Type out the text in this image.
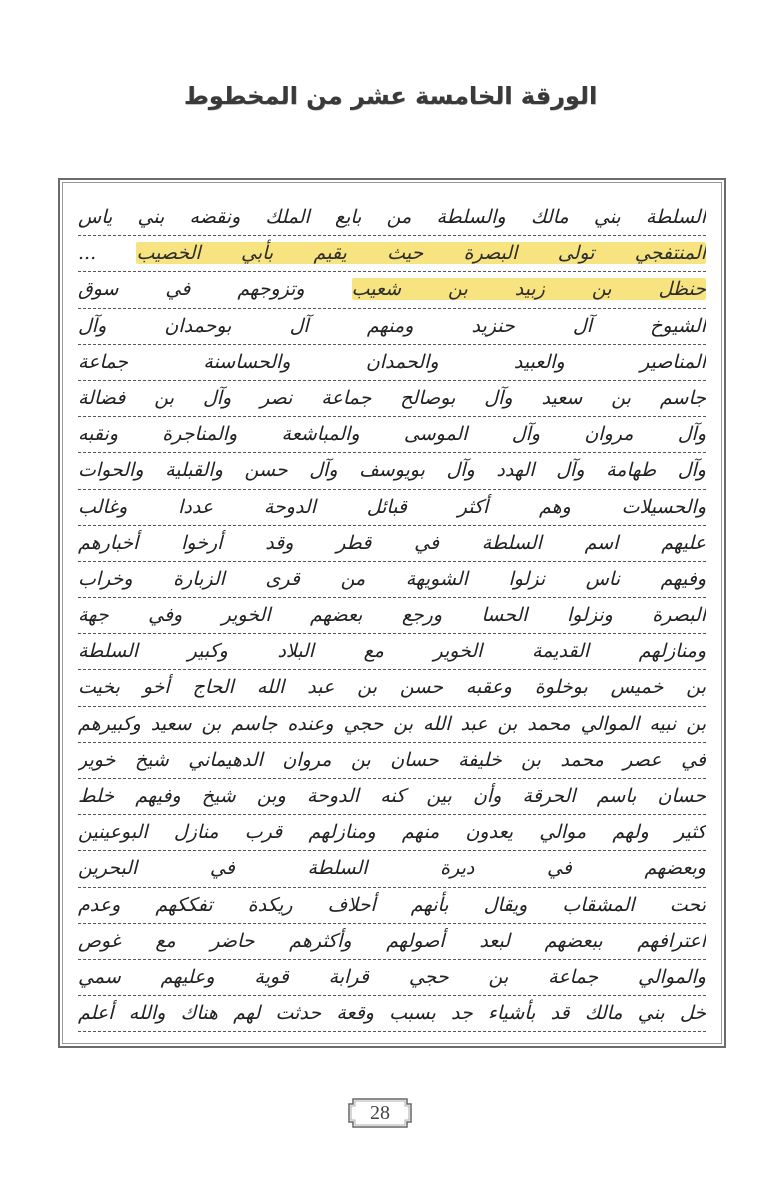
الورقة الخامسة عشر من المخطوط
السلطة بني مالك والسلطة من بايع الملك ونقضه بني ياس
المنتفجي تولى البصرة حيث يقيم بأبي الخصيب ...
حنظل بن زبيد بن شعيب وتزوجهم في سوق
الشيوخ آل حنزيد ومنهم آل بوحمدان وآل
المناصير والعبيد والحمدان والحساسنة جماعة
جاسم بن سعيد وآل بوصالح جماعة نصر وآل بن فضالة
وآل مروان وآل الموسى والمباشعة والمناجرة ونقبه
وآل طهامة وآل الهدد وآل بويوسف وآل حسن والقبلية والحوات
والحسيلات وهم أكثر قبائل الدوحة عددا وغالب
عليهم اسم السلطة في قطر وقد أرخوا أخبارهم
وفيهم ناس نزلوا الشويهة من قرى الزبارة وخراب
البصرة ونزلوا الحسا ورجع بعضهم الخوير وفي جهة
ومنازلهم القديمة الخوير مع البلاد وكبير السلطة
بن خميس بوخلوة وعقبه حسن بن عبد الله الحاج أخو بخيت
بن نبيه الموالي محمد بن عبد الله بن حجي وعنده جاسم بن سعيد وكبيرهم
في عصر محمد بن خليفة حسان بن مروان الدهيماني شيخ خوير
حسان باسم الحرقة وأن بين كنه الدوحة وبن شيخ وفيهم خلط
كثير ولهم موالي يعدون منهم ومنازلهم قرب منازل البوعينين
وبعضهم في ديرة السلطة في البحرين
تحت المشقاب ويقال بأنهم أحلاف ريكدة تفككهم وعدم
اعترافهم ببعضهم لبعد أصولهم وأكثرهم حاضر مع غوص
والموالي جماعة بن حجي قرابة قوية وعليهم سمي
خل بني مالك قد بأشياء جد بسبب وقعة حدثت لهم هناك والله أعلم
28
